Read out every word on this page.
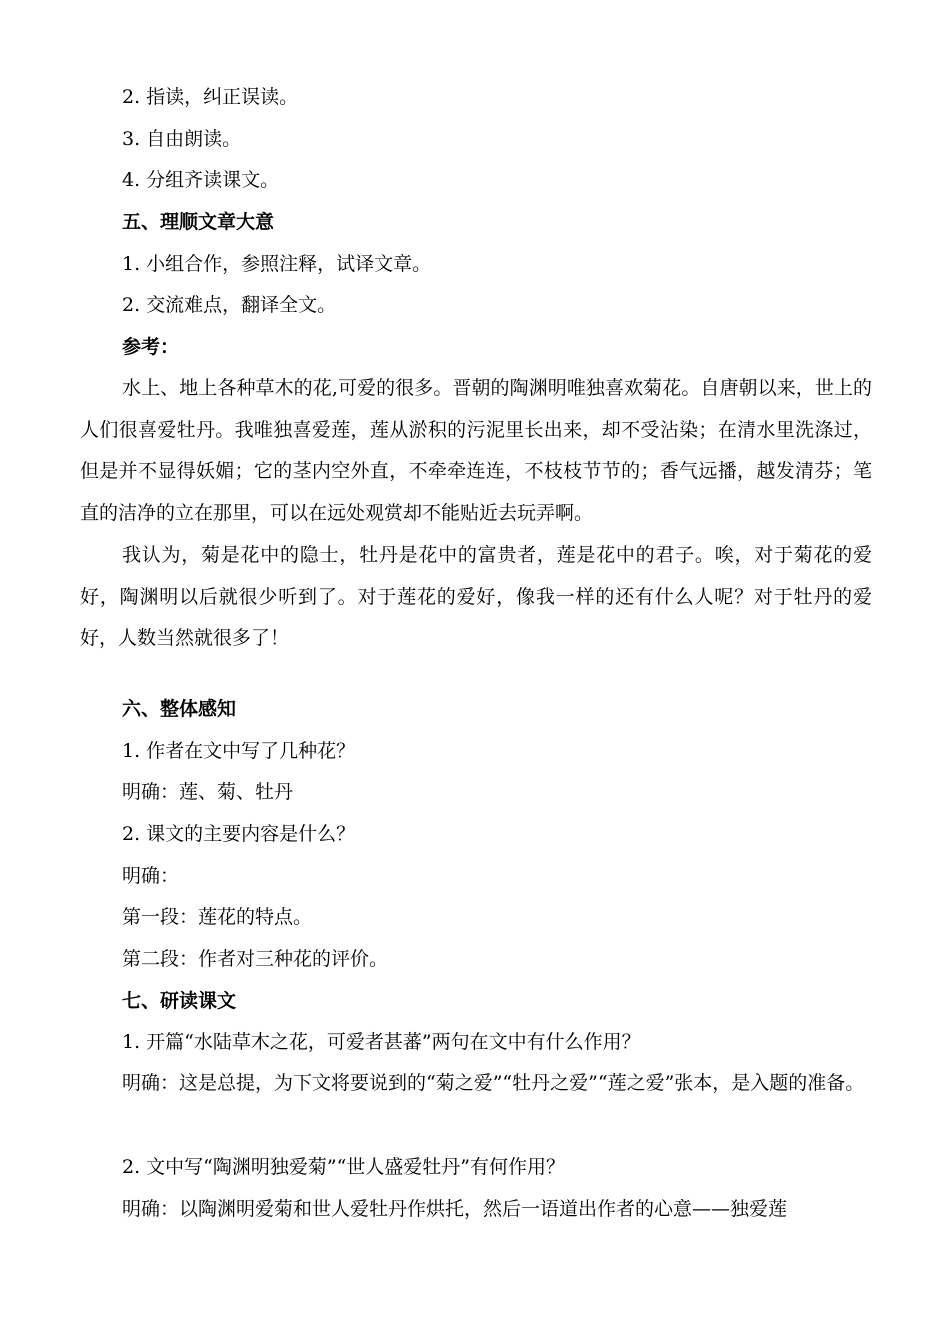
2. 指读，纠正误读。
3. 自由朗读。
4. 分组齐读课文。
五、理顺文章大意
1. 小组合作，参照注释，试译文章。
2. 交流难点，翻译全文。
参考：
水上、地上各种草木的花,可爱的很多。晋朝的陶渊明唯独喜欢菊花。自唐朝以来，世上的人们很喜爱牡丹。我唯独喜爱莲，莲从淤积的污泥里长出来，却不受沾染；在清水里洗涤过，但是并不显得妖媚；它的茎内空外直，不牵牵连连，不枝枝节节的；香气远播，越发清芬；笔直的洁净的立在那里，可以在远处观赏却不能贴近去玩弄啊。
我认为，菊是花中的隐士，牡丹是花中的富贵者，莲是花中的君子。唉，对于菊花的爱好，陶渊明以后就很少听到了。对于莲花的爱好，像我一样的还有什么人呢？对于牡丹的爱好，人数当然就很多了！
六、整体感知
1. 作者在文中写了几种花？
明确：莲、菊、牡丹
2. 课文的主要内容是什么？
明确：
第一段：莲花的特点。
第二段：作者对三种花的评价。
七、研读课文
1. 开篇“水陆草木之花，可爱者甚蕃”两句在文中有什么作用？
明确：这是总提，为下文将要说到的“菊之爱”“牡丹之爱”“莲之爱”张本，是入题的准备。
2. 文中写“陶渊明独爱菊”“世人盛爱牡丹”有何作用？
明确：以陶渊明爱菊和世人爱牡丹作烘托，然后一语道出作者的心意——独爱莲
